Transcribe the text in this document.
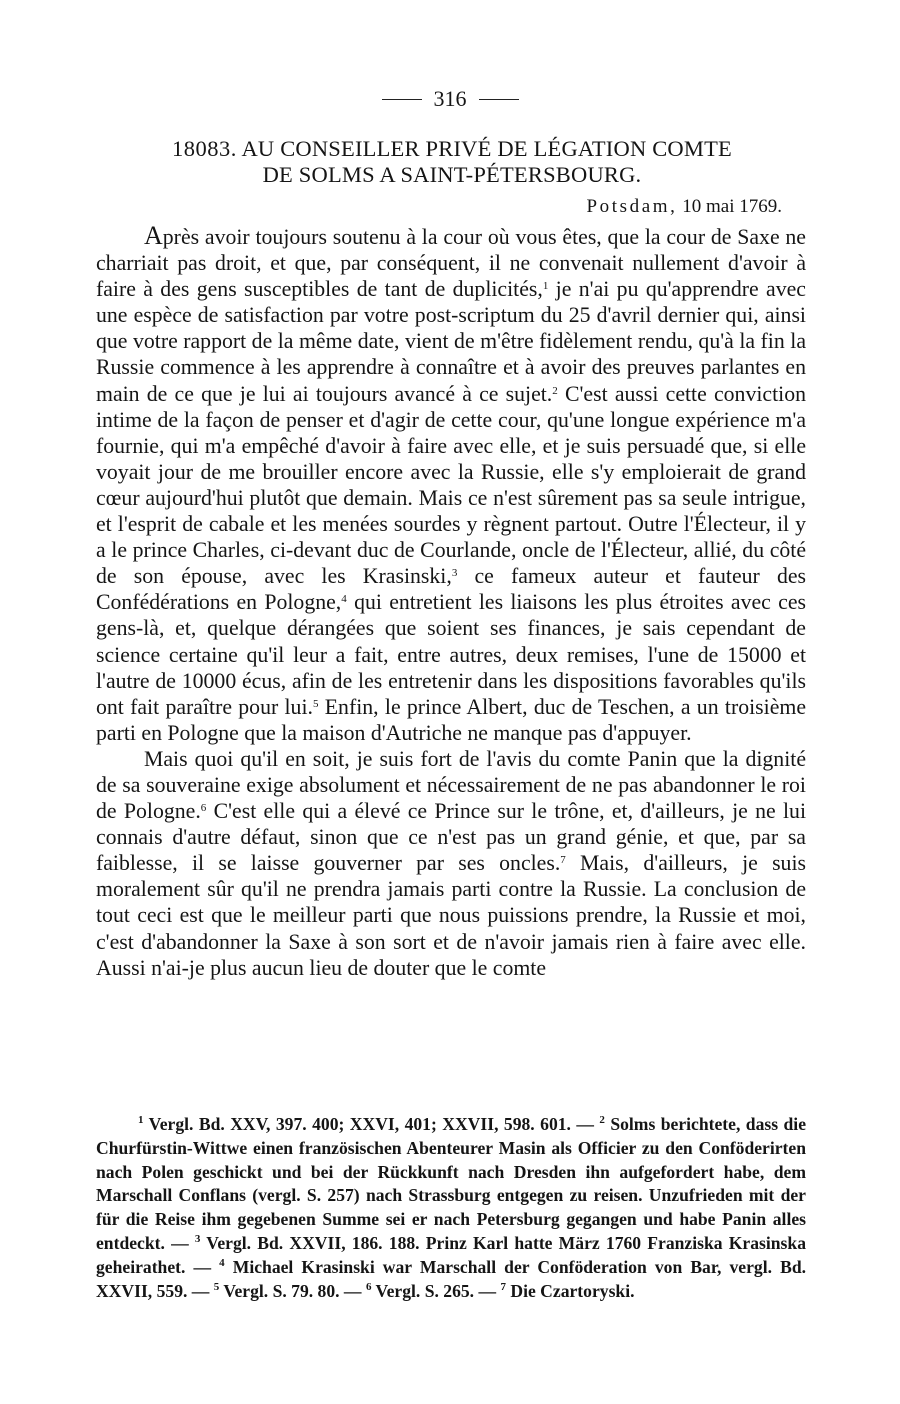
316
18083. AU CONSEILLER PRIVÉ DE LÉGATION COMTE
DE SOLMS A SAINT-PÉTERSBOURG.
Potsdam, 10 mai 1769.

Après avoir toujours soutenu à la cour où vous êtes, que la cour de Saxe ne charriait pas droit, et que, par conséquent, il ne convenait nullement d'avoir à faire à des gens susceptibles de tant de duplicités,$^1$ je n'ai pu qu'apprendre avec une espèce de satisfaction par votre post-scriptum du 25 d'avril dernier qui, ainsi que votre rapport de la même date, vient de m'être fidèlement rendu, qu'à la fin la Russie commence à les apprendre à connaître et à avoir des preuves parlantes en main de ce que je lui ai toujours avancé à ce sujet.$^2$ C'est aussi cette conviction intime de la façon de penser et d'agir de cette cour, qu'une longue expérience m'a fournie, qui m'a empêché d'avoir à faire avec elle, et je suis persuadé que, si elle voyait jour de me brouiller encore avec la Russie, elle s'y emploierait de grand cœur aujourd'hui plutôt que demain. Mais ce n'est sûrement pas sa seule intrigue, et l'esprit de cabale et les menées sourdes y règnent partout. Outre l'Électeur, il y a le prince Charles, ci-devant duc de Courlande, oncle de l'Électeur, allié, du côté de son épouse, avec les Krasinski,$^3$ ce fameux auteur et fauteur des Confédérations en Pologne,$^4$ qui entretient les liaisons les plus étroites avec ces gens-là, et, quelque dérangées que soient ses finances, je sais cependant de science certaine qu'il leur a fait, entre autres, deux remises, l'une de 15000 et l'autre de 10000 écus, afin de les entretenir dans les dispositions favorables qu'ils ont fait paraître pour lui.$^5$ Enfin, le prince Albert, duc de Teschen, a un troisième parti en Pologne que la maison d'Autriche ne manque pas d'appuyer.

Mais quoi qu'il en soit, je suis fort de l'avis du comte Panin que la dignité de sa souveraine exige absolument et nécessairement de ne pas abandonner le roi de Pologne.$^6$ C'est elle qui a élevé ce Prince sur le trône, et, d'ailleurs, je ne lui connais d'autre défaut, sinon que ce n'est pas un grand génie, et que, par sa faiblesse, il se laisse gouverner par ses oncles.$^7$ Mais, d'ailleurs, je suis moralement sûr qu'il ne prendra jamais parti contre la Russie. La conclusion de tout ceci est que le meilleur parti que nous puissions prendre, la Russie et moi, c'est d'abandonner la Saxe à son sort et de n'avoir jamais rien à faire avec elle. Aussi n'ai-je plus aucun lieu de douter que le comte

$^1$ Vergl. Bd. XXV, 397. 400; XXVI, 401; XXVII, 598. 601. — $^2$ Solms berichtete, dass die Churfürstin-Wittwe einen französischen Abenteurer Masin als Officier zu den Conföderirten nach Polen geschickt und bei der Rückkunft nach Dresden ihn aufgefordert habe, dem Marschall Conflans (vergl. S. 257) nach Strassburg entgegen zu reisen. Unzufrieden mit der für die Reise ihm gegebenen Summe sei er nach Petersburg gegangen und habe Panin alles entdeckt. — $^3$ Vergl. Bd. XXVII, 186. 188. Prinz Karl hatte März 1760 Franziska Krasinska geheirathet. — $^4$ Michael Krasinski war Marschall der Conföderation von Bar, vergl. Bd. XXVII, 559. — $^5$ Vergl. S. 79. 80. — $^6$ Vergl. S. 265. — $^7$ Die Czartoryski.
